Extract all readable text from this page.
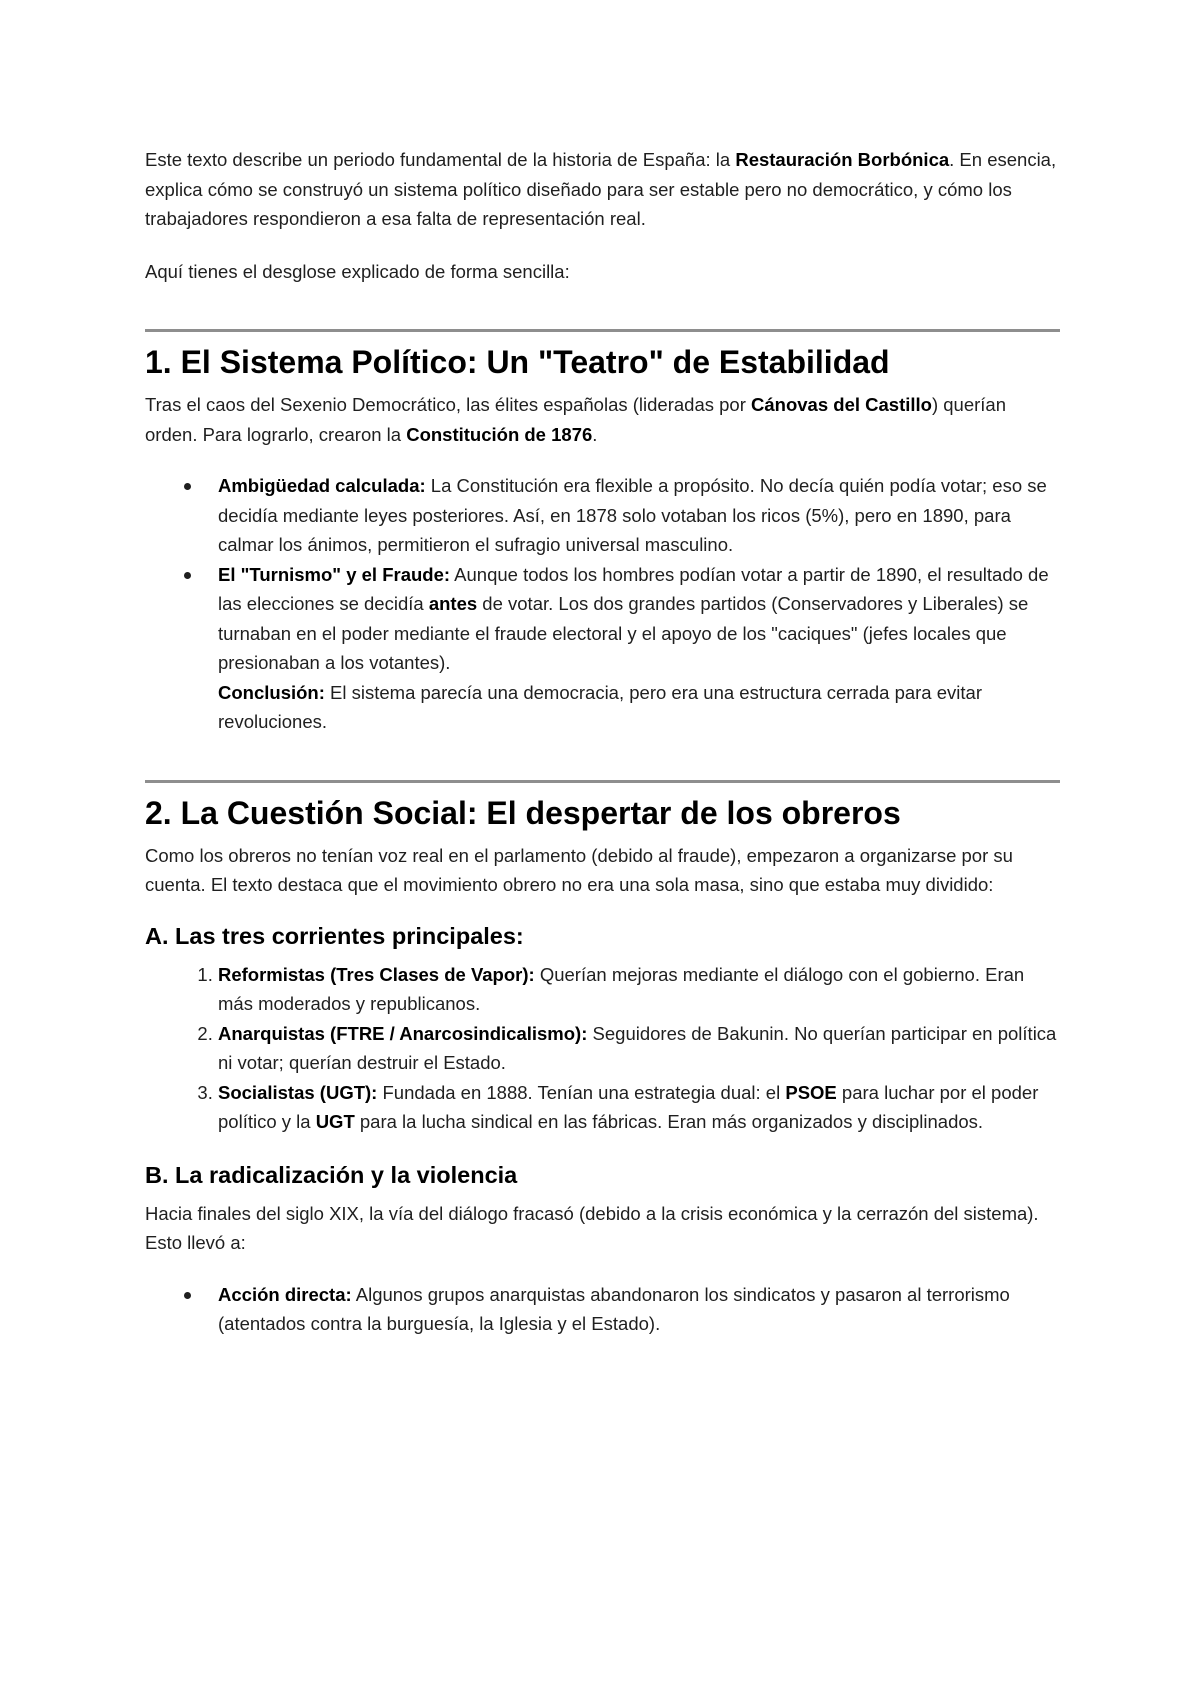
Este texto describe un periodo fundamental de la historia de España: la Restauración Borbónica. En esencia, explica cómo se construyó un sistema político diseñado para ser estable pero no democrático, y cómo los trabajadores respondieron a esa falta de representación real.

Aquí tienes el desglose explicado de forma sencilla:

1. El Sistema Político: Un "Teatro" de Estabilidad

Tras el caos del Sexenio Democrático, las élites españolas (lideradas por Cánovas del Castillo) querían orden. Para lograrlo, crearon la Constitución de 1876.

Ambigüedad calculada: La Constitución era flexible a propósito. No decía quién podía votar; eso se decidía mediante leyes posteriores. Así, en 1878 solo votaban los ricos (5%), pero en 1890, para calmar los ánimos, permitieron el sufragio universal masculino.
El "Turnismo" y el Fraude: Aunque todos los hombres podían votar a partir de 1890, el resultado de las elecciones se decidía antes de votar. Los dos grandes partidos (Conservadores y Liberales) se turnaban en el poder mediante el fraude electoral y el apoyo de los "caciques" (jefes locales que presionaban a los votantes).
Conclusión: El sistema parecía una democracia, pero era una estructura cerrada para evitar revoluciones.
2. La Cuestión Social: El despertar de los obreros

Como los obreros no tenían voz real en el parlamento (debido al fraude), empezaron a organizarse por su cuenta. El texto destaca que el movimiento obrero no era una sola masa, sino que estaba muy dividido:

A. Las tres corrientes principales:
1. Reformistas (Tres Clases de Vapor): Querían mejoras mediante el diálogo con el gobierno. Eran más moderados y republicanos.
2. Anarquistas (FTRE / Anarcosindicalismo): Seguidores de Bakunin. No querían participar en política ni votar; querían destruir el Estado.
3. Socialistas (UGT): Fundada en 1888. Tenían una estrategia dual: el PSOE para luchar por el poder político y la UGT para la lucha sindical en las fábricas. Eran más organizados y disciplinados.
B. La radicalización y la violencia

Hacia finales del siglo XIX, la vía del diálogo fracasó (debido a la crisis económica y la cerrazón del sistema). Esto llevó a:

Acción directa: Algunos grupos anarquistas abandonaron los sindicatos y pasaron al terrorismo (atentados contra la burguesía, la Iglesia y el Estado).
